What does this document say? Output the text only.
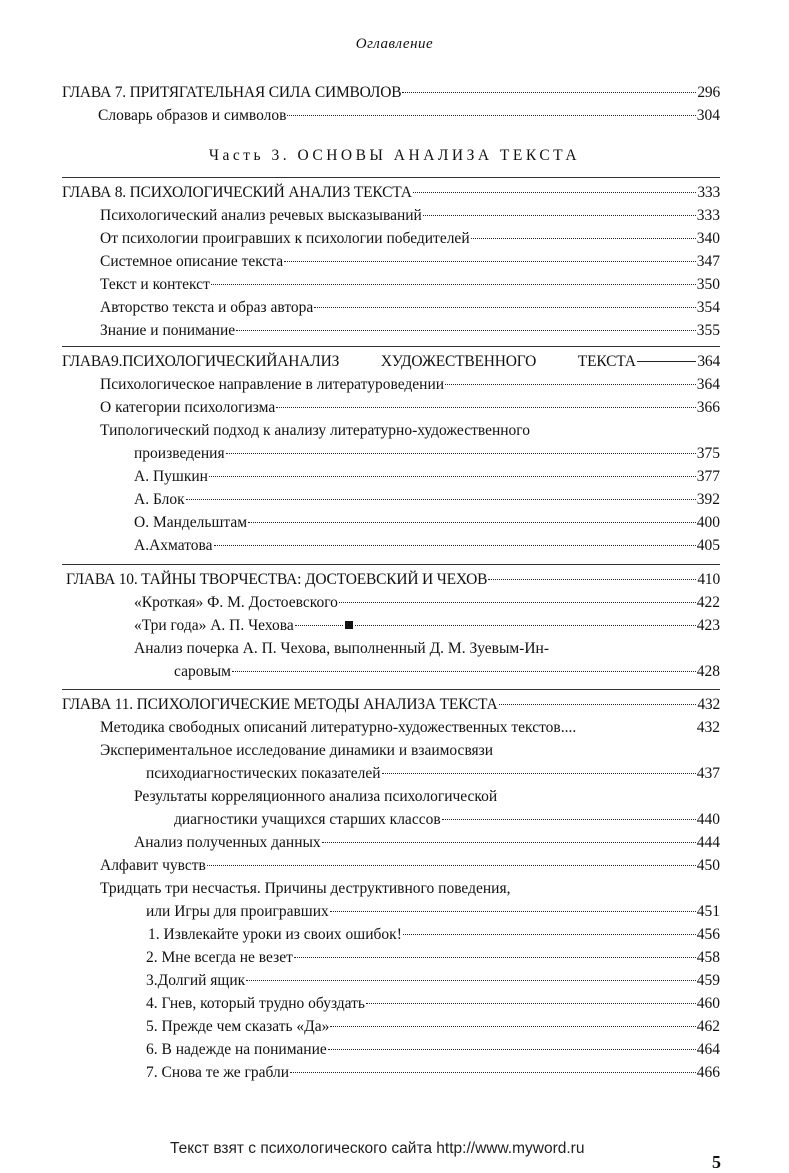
Оглавление
ГЛАВА 7. ПРИТЯГАТЕЛЬНАЯ СИЛА СИМВОЛОВ	296
Словарь образов и символов	304
Часть 3. ОСНОВЫ АНАЛИЗА ТЕКСТА
ГЛАВА 8. ПСИХОЛОГИЧЕСКИЙ АНАЛИЗ ТЕКСТА	333
Психологический анализ речевых высказываний	333
От психологии проигравших к психологии победителей	340
Системное описание текста	347
Текст и контекст	350
Авторство текста и образ автора	354
Знание и понимание	355
ГЛАВА9.ПСИХОЛОГИЧЕСКИЙАНАЛИЗ ХУДОЖЕСТВЕННОГО ТЕКСТА	364
Психологическое направление в литературоведении	364
О категории психологизма	366
Типологический подход к анализу литературно-художественного
произведения	375
А. Пушкин	377
А. Блок	392
О. Мандельштам	400
А.Ахматова	405
ГЛАВА 10. ТАЙНЫ ТВОРЧЕСТВА: ДОСТОЕВСКИЙ И ЧЕХОВ	410
«Кроткая» Ф. М. Достоевского	422
«Три года» А. П. Чехова	423
Анализ почерка А. П. Чехова, выполненный Д. М. Зуевым-Ин-
саровым	428
ГЛАВА 11. ПСИХОЛОГИЧЕСКИЕ МЕТОДЫ АНАЛИЗА ТЕКСТА	432
Методика свободных описаний литературно-художественных текстов....	432
Экспериментальное исследование динамики и взаимосвязи
психодиагностических показателей	437
Результаты корреляционного анализа психологической
диагностики учащихся старших классов	440
Анализ полученных данных	444
Алфавит чувств	450
Тридцать три несчастья. Причины деструктивного поведения,
или Игры для проигравших	451
1. Извлекайте уроки из своих ошибок!	456
2. Мне всегда не везет	458
3.Долгий ящик	459
4. Гнев, который трудно обуздать	460
5. Прежде чем сказать «Да»	462
6. В надежде на понимание	464
7. Снова те же грабли	466
Текст взят с психологического сайта http://www.myword.ru
5
